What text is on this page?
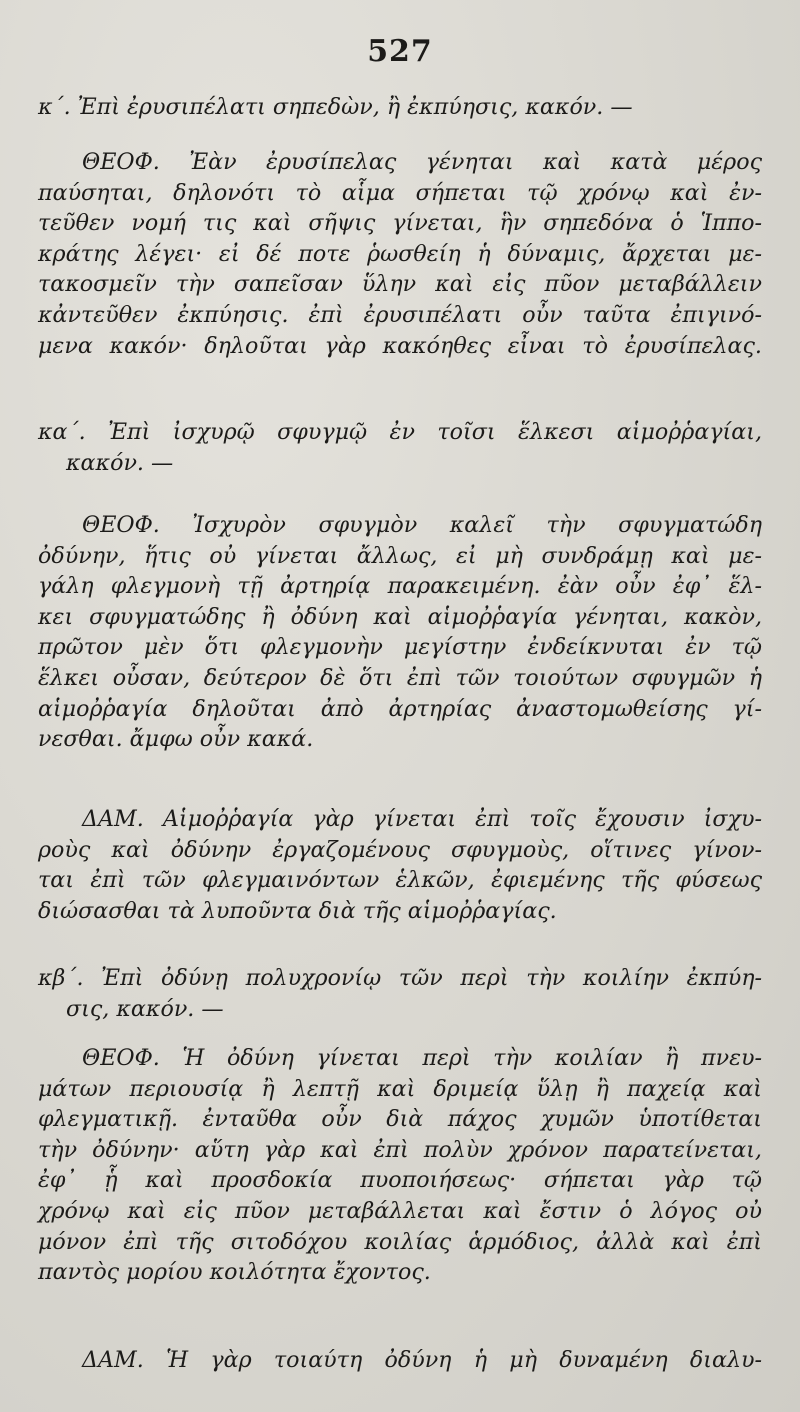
527
κ΄. Ἐπὶ ἐρυσιπέλατι σηπεδὼν, ἢ ἐκπύησις, κακόν. —
ΘΕΟΦ. Ἐὰν ἐρυσίπελας γένηται καὶ κατὰ μέρος
παύσηται, δηλονότι τὸ αἷμα σήπεται τῷ χρόνῳ καὶ ἐν-
τεῦθεν νομή τις καὶ σῆψις γίνεται, ἣν σηπεδόνα ὁ Ἱππο-
κράτης λέγει· εἰ δέ ποτε ῥωσθείη ἡ δύναμις, ἄρχεται με-
τακοσμεῖν τὴν σαπεῖσαν ὕλην καὶ εἰς πῦον μεταβάλλειν
κἀντεῦθεν ἐκπύησις. ἐπὶ ἐρυσιπέλατι οὖν ταῦτα ἐπιγινό-
μενα κακόν· δηλοῦται γὰρ κακόηθες εἶναι τὸ ἐρυσίπελας.
κα΄. Ἐπὶ ἰσχυρῷ σφυγμῷ ἐν τοῖσι ἕλκεσι αἱμοῤῥαγίαι,
κακόν. —
ΘΕΟΦ. Ἰσχυρὸν σφυγμὸν καλεῖ τὴν σφυγματώδη
ὀδύνην, ἥτις οὐ γίνεται ἄλλως, εἰ μὴ συνδράμῃ καὶ με-
γάλη φλεγμονὴ τῇ ἀρτηρίᾳ παρακειμένη. ἐὰν οὖν ἐφ᾽ ἕλ-
κει σφυγματώδης ἢ ὀδύνη καὶ αἱμοῤῥαγία γένηται, κακὸν,
πρῶτον μὲν ὅτι φλεγμονὴν μεγίστην ἐνδείκνυται ἐν τῷ
ἕλκει οὖσαν, δεύτερον δὲ ὅτι ἐπὶ τῶν τοιούτων σφυγμῶν ἡ
αἱμοῤῥαγία δηλοῦται ἀπὸ ἀρτηρίας ἀναστομωθείσης γί-
νεσθαι. ἄμφω οὖν κακά.
ΔΑΜ. Αἱμοῤῥαγία γὰρ γίνεται ἐπὶ τοῖς ἔχουσιν ἰσχυ-
ροὺς καὶ ὀδύνην ἐργαζομένους σφυγμοὺς, οἵτινες γίνον-
ται ἐπὶ τῶν φλεγμαινόντων ἑλκῶν, ἐφιεμένης τῆς φύσεως
διώσασθαι τὰ λυποῦντα διὰ τῆς αἱμοῤῥαγίας.
κβ΄. Ἐπὶ ὀδύνῃ πολυχρονίῳ τῶν περὶ τὴν κοιλίην ἐκπύη-
σις, κακόν. —
ΘΕΟΦ. Ἡ ὀδύνη γίνεται περὶ τὴν κοιλίαν ἢ πνευ-
μάτων περιουσίᾳ ἢ λεπτῇ καὶ δριμείᾳ ὕλῃ ἢ παχείᾳ καὶ
φλεγματικῇ. ἐνταῦθα οὖν διὰ πάχος χυμῶν ὑποτίθεται
τὴν ὀδύνην· αὕτη γὰρ καὶ ἐπὶ πολὺν χρόνον παρατείνεται,
ἐφ᾽ ᾗ καὶ προσδοκία πυοποιήσεως· σήπεται γὰρ τῷ
χρόνῳ καὶ εἰς πῦον μεταβάλλεται καὶ ἔστιν ὁ λόγος οὐ
μόνον ἐπὶ τῆς σιτοδόχου κοιλίας ἁρμόδιος, ἀλλὰ καὶ ἐπὶ
παντὸς μορίου κοιλότητα ἔχοντος.
ΔΑΜ. Ἡ γὰρ τοιαύτη ὀδύνη ἡ μὴ δυναμένη διαλυ-
